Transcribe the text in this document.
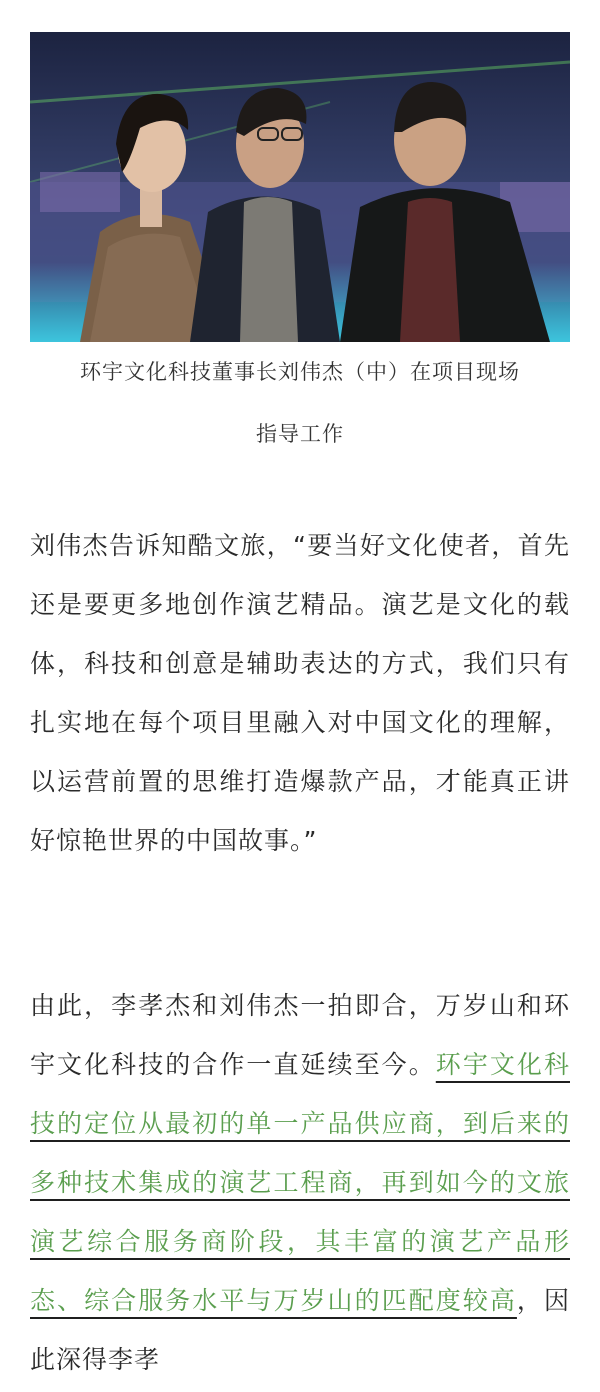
环宇文化科技董事长刘伟杰（中）在项目现场
指导工作

刘伟杰告诉知酷文旅，“要当好文化使者，首先还是要更多地创作演艺精品。演艺是文化的载体，科技和创意是辅助表达的方式，我们只有扎实地在每个项目里融入对中国文化的理解，以运营前置的思维打造爆款产品，才能真正讲好惊艳世界的中国故事。”

由此，李孝杰和刘伟杰一拍即合，万岁山和环宇文化科技的合作一直延续至今。环宇文化科技的定位从最初的单一产品供应商，到后来的多种技术集成的演艺工程商，再到如今的文旅演艺综合服务商阶段，其丰富的演艺产品形态、综合服务水平与万岁山的匹配度较高，因此深得李孝
